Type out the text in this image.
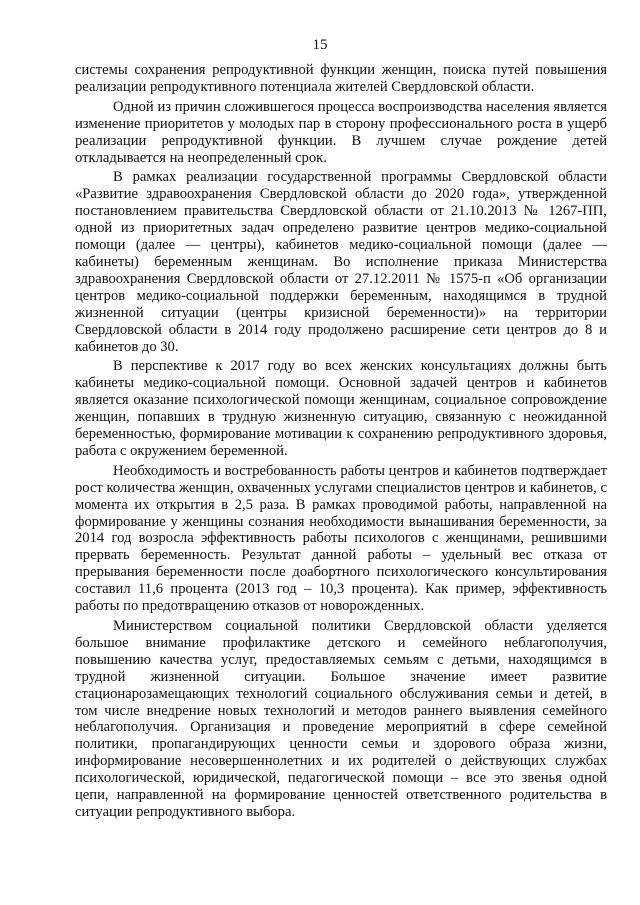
15

системы сохранения репродуктивной функции женщин, поиска путей повышения реализации репродуктивного потенциала жителей Свердловской области.

Одной из причин сложившегося процесса воспроизводства населения является изменение приоритетов у молодых пар в сторону профессионального роста в ущерб реализации репродуктивной функции. В лучшем случае рождение детей откладывается на неопределенный срок.

В рамках реализации государственной программы Свердловской области «Развитие здравоохранения Свердловской области до 2020 года», утвержденной постановлением правительства Свердловской области от 21.10.2013 № 1267-ПП, одной из приоритетных задач определено развитие центров медико-социальной помощи (далее — центры), кабинетов медико-социальной помощи (далее — кабинеты) беременным женщинам. Во исполнение приказа Министерства здравоохранения Свердловской области от 27.12.2011 № 1575-п «Об организации центров медико-социальной поддержки беременным, находящимся в трудной жизненной ситуации (центры кризисной беременности)» на территории Свердловской области в 2014 году продолжено расширение сети центров до 8 и кабинетов до 30.

В перспективе к 2017 году во всех женских консультациях должны быть кабинеты медико-социальной помощи. Основной задачей центров и кабинетов является оказание психологической помощи женщинам, социальное сопровождение женщин, попавших в трудную жизненную ситуацию, связанную с неожиданной беременностью, формирование мотивации к сохранению репродуктивного здоровья, работа с окружением беременной.

Необходимость и востребованность работы центров и кабинетов подтверждает рост количества женщин, охваченных услугами специалистов центров и кабинетов, с момента их открытия в 2,5 раза. В рамках проводимой работы, направленной на формирование у женщины сознания необходимости вынашивания беременности, за 2014 год возросла эффективность работы психологов с женщинами, решившими прервать беременность. Результат данной работы – удельный вес отказа от прерывания беременности после доабортного психологического консультирования составил 11,6 процента (2013 год – 10,3 процента). Как пример, эффективность работы по предотвращению отказов от новорожденных.

Министерством социальной политики Свердловской области уделяется большое внимание профилактике детского и семейного неблагополучия, повышению качества услуг, предоставляемых семьям с детьми, находящимся в трудной жизненной ситуации. Большое значение имеет развитие стационарозамещающих технологий социального обслуживания семьи и детей, в том числе внедрение новых технологий и методов раннего выявления семейного неблагополучия. Организация и проведение мероприятий в сфере семейной политики, пропагандирующих ценности семьи и здорового образа жизни, информирование несовершеннолетних и их родителей о действующих службах психологической, юридической, педагогической помощи – все это звенья одной цепи, направленной на формирование ценностей ответственного родительства в ситуации репродуктивного выбора.
